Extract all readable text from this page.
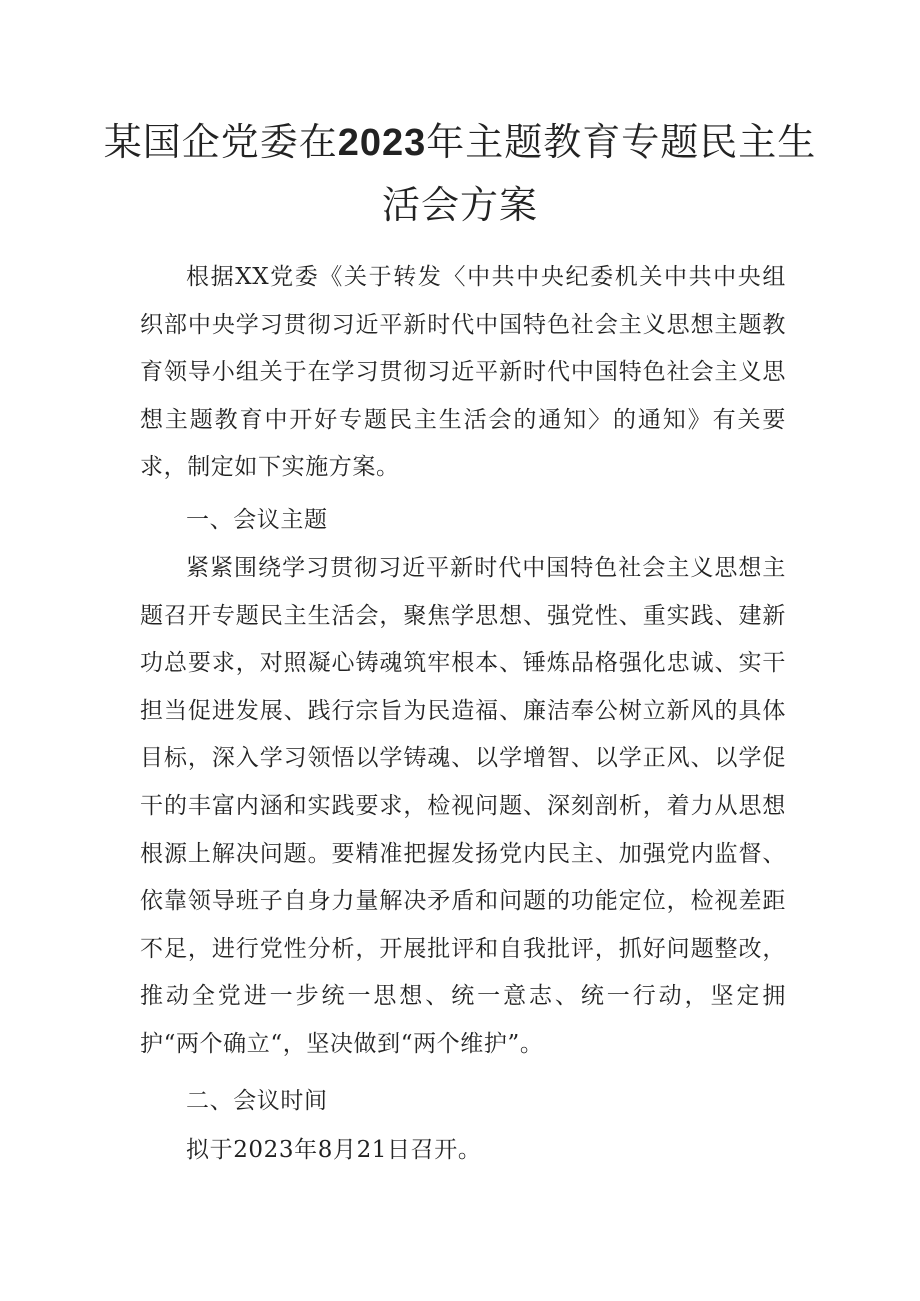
某国企党委在2023年主题教育专题民主生
活会方案

根据XX党委《关于转发〈中共中央纪委机关中共中央组织部中央学习贯彻习近平新时代中国特色社会主义思想主题教育领导小组关于在学习贯彻习近平新时代中国特色社会主义思想主题教育中开好专题民主生活会的通知〉的通知》有关要求，制定如下实施方案。

一、会议主题

紧紧围绕学习贯彻习近平新时代中国特色社会主义思想主题召开专题民主生活会，聚焦学思想、强党性、重实践、建新功总要求，对照凝心铸魂筑牢根本、锤炼品格强化忠诚、实干担当促进发展、践行宗旨为民造福、廉洁奉公树立新风的具体目标，深入学习领悟以学铸魂、以学增智、以学正风、以学促干的丰富内涵和实践要求，检视问题、深刻剖析，着力从思想根源上解决问题。要精准把握发扬党内民主、加强党内监督、依靠领导班子自身力量解决矛盾和问题的功能定位，检视差距不足，进行党性分析，开展批评和自我批评，抓好问题整改，推动全党进一步统一思想、统一意志、统一行动，坚定拥护“两个确立“，坚决做到“两个维护”。

二、会议时间

拟于2023年8月21日召开。
